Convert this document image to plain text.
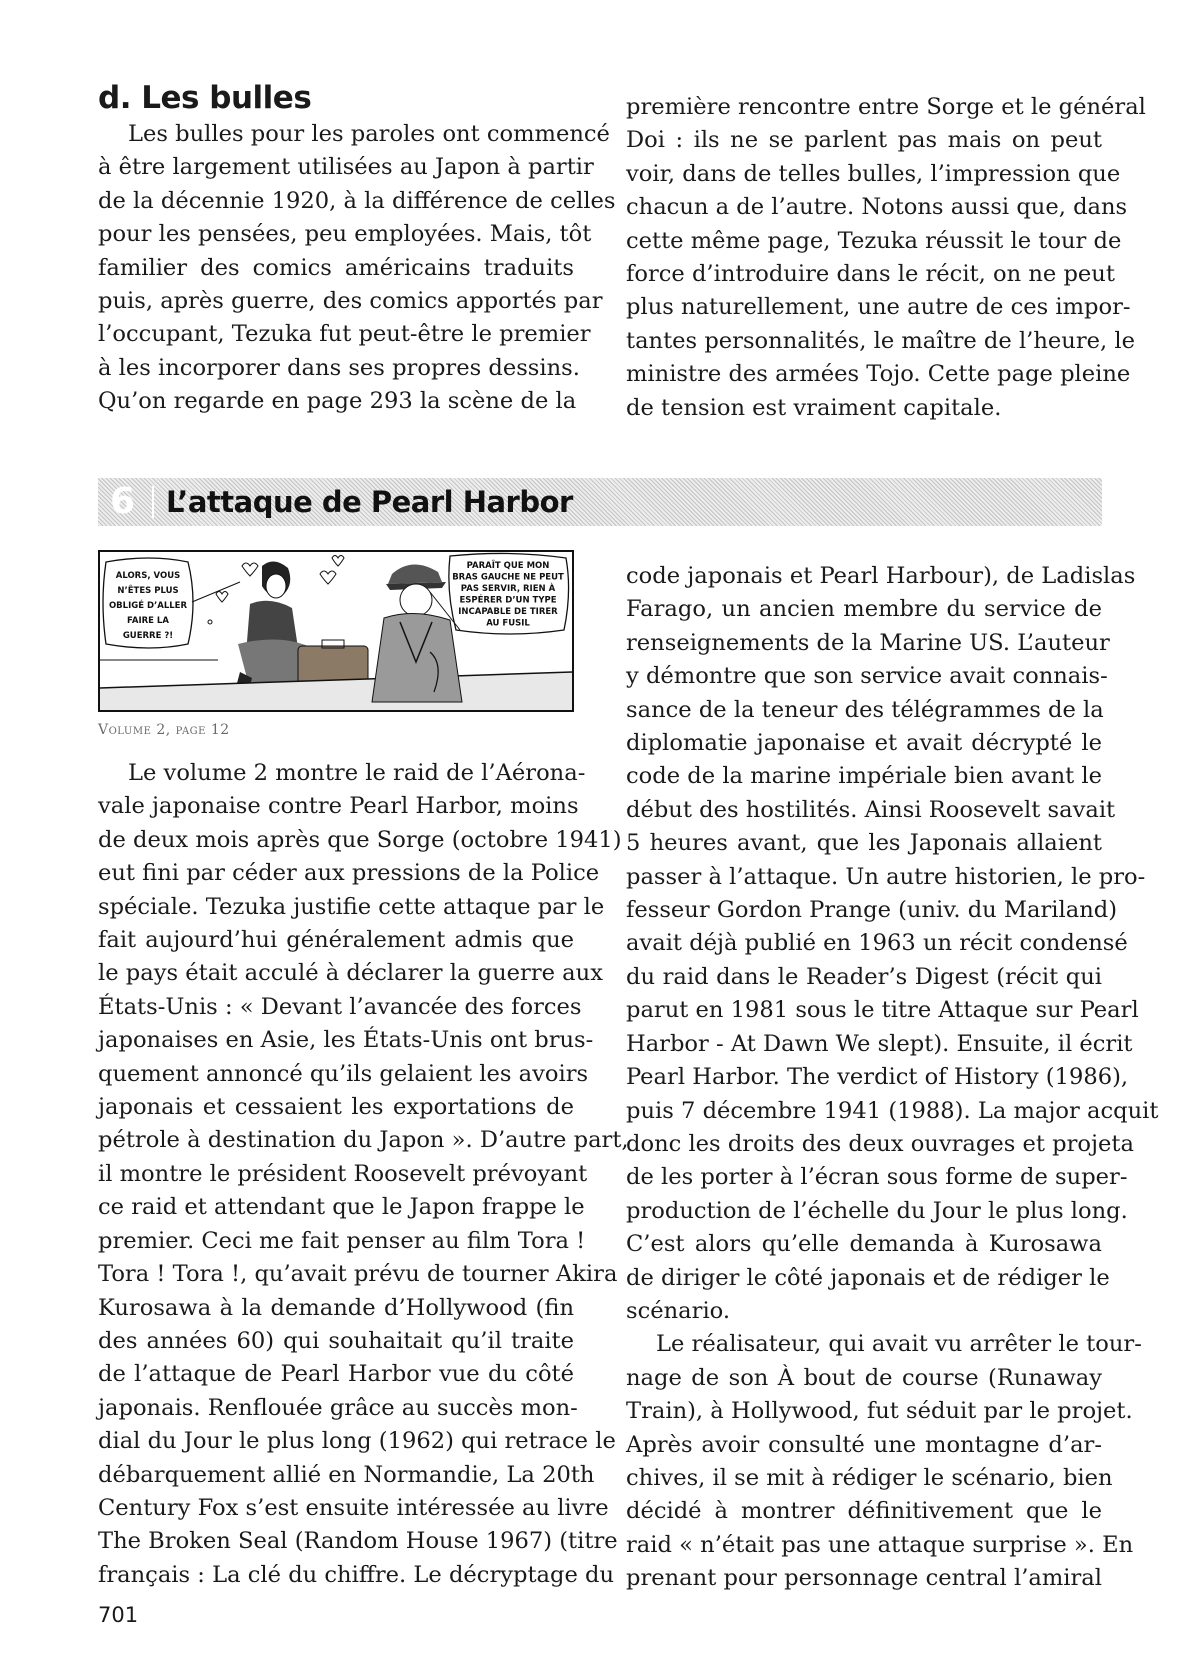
d. Les bulles
Les bulles pour les paroles ont commencé
à être largement utilisées au Japon à partir
de la décennie 1920, à la différence de celles
pour les pensées, peu employées. Mais, tôt
familier des comics américains traduits
puis, après guerre, des comics apportés par
l’occupant, Tezuka fut peut-être le premier
à les incorporer dans ses propres dessins.
Qu’on regarde en page 293 la scène de la
première rencontre entre Sorge et le général
Doi : ils ne se parlent pas mais on peut
voir, dans de telles bulles, l’impression que
chacun a de l’autre. Notons aussi que, dans
cette même page, Tezuka réussit le tour de
force d’introduire dans le récit, on ne peut
plus naturellement, une autre de ces impor-
tantes personnalités, le maître de l’heure, le
ministre des armées Tojo. Cette page pleine
de tension est vraiment capitale.
6 L’attaque de Pearl Harbor
ALORS, VOUS
N’ÊTES PLUS
OBLIGÉ D’ALLER
FAIRE LA
GUERRE ?!
PARAÎT QUE MON
BRAS GAUCHE NE PEUT
PAS SERVIR, RIEN À
ESPÉRER D’UN TYPE
INCAPABLE DE TIRER
AU FUSIL
Volume 2, page 12
Le volume 2 montre le raid de l’Aérona-
vale japonaise contre Pearl Harbor, moins
de deux mois après que Sorge (octobre 1941)
eut fini par céder aux pressions de la Police
spéciale. Tezuka justifie cette attaque par le
fait aujourd’hui généralement admis que
le pays était acculé à déclarer la guerre aux
États-Unis : « Devant l’avancée des forces
japonaises en Asie, les États-Unis ont brus-
quement annoncé qu’ils gelaient les avoirs
japonais et cessaient les exportations de
pétrole à destination du Japon ». D’autre part,
il montre le président Roosevelt prévoyant
ce raid et attendant que le Japon frappe le
premier. Ceci me fait penser au film Tora !
Tora ! Tora !, qu’avait prévu de tourner Akira
Kurosawa à la demande d’Hollywood (fin
des années 60) qui souhaitait qu’il traite
de l’attaque de Pearl Harbor vue du côté
japonais. Renflouée grâce au succès mon-
dial du Jour le plus long (1962) qui retrace le
débarquement allié en Normandie, La 20th
Century Fox s’est ensuite intéressée au livre
The Broken Seal (Random House 1967) (titre
français : La clé du chiffre. Le décryptage du
code japonais et Pearl Harbour), de Ladislas
Farago, un ancien membre du service de
renseignements de la Marine US. L’auteur
y démontre que son service avait connais-
sance de la teneur des télégrammes de la
diplomatie japonaise et avait décrypté le
code de la marine impériale bien avant le
début des hostilités. Ainsi Roosevelt savait
5 heures avant, que les Japonais allaient
passer à l’attaque. Un autre historien, le pro-
fesseur Gordon Prange (univ. du Mariland)
avait déjà publié en 1963 un récit condensé
du raid dans le Reader’s Digest (récit qui
parut en 1981 sous le titre Attaque sur Pearl
Harbor - At Dawn We slept). Ensuite, il écrit
Pearl Harbor. The verdict of History (1986),
puis 7 décembre 1941 (1988). La major acquit
donc les droits des deux ouvrages et projeta
de les porter à l’écran sous forme de super-
production de l’échelle du Jour le plus long.
C’est alors qu’elle demanda à Kurosawa
de diriger le côté japonais et de rédiger le
scénario.
Le réalisateur, qui avait vu arrêter le tour-
nage de son À bout de course (Runaway
Train), à Hollywood, fut séduit par le projet.
Après avoir consulté une montagne d’ar-
chives, il se mit à rédiger le scénario, bien
décidé à montrer définitivement que le
raid « n’était pas une attaque surprise ». En
prenant pour personnage central l’amiral
701
